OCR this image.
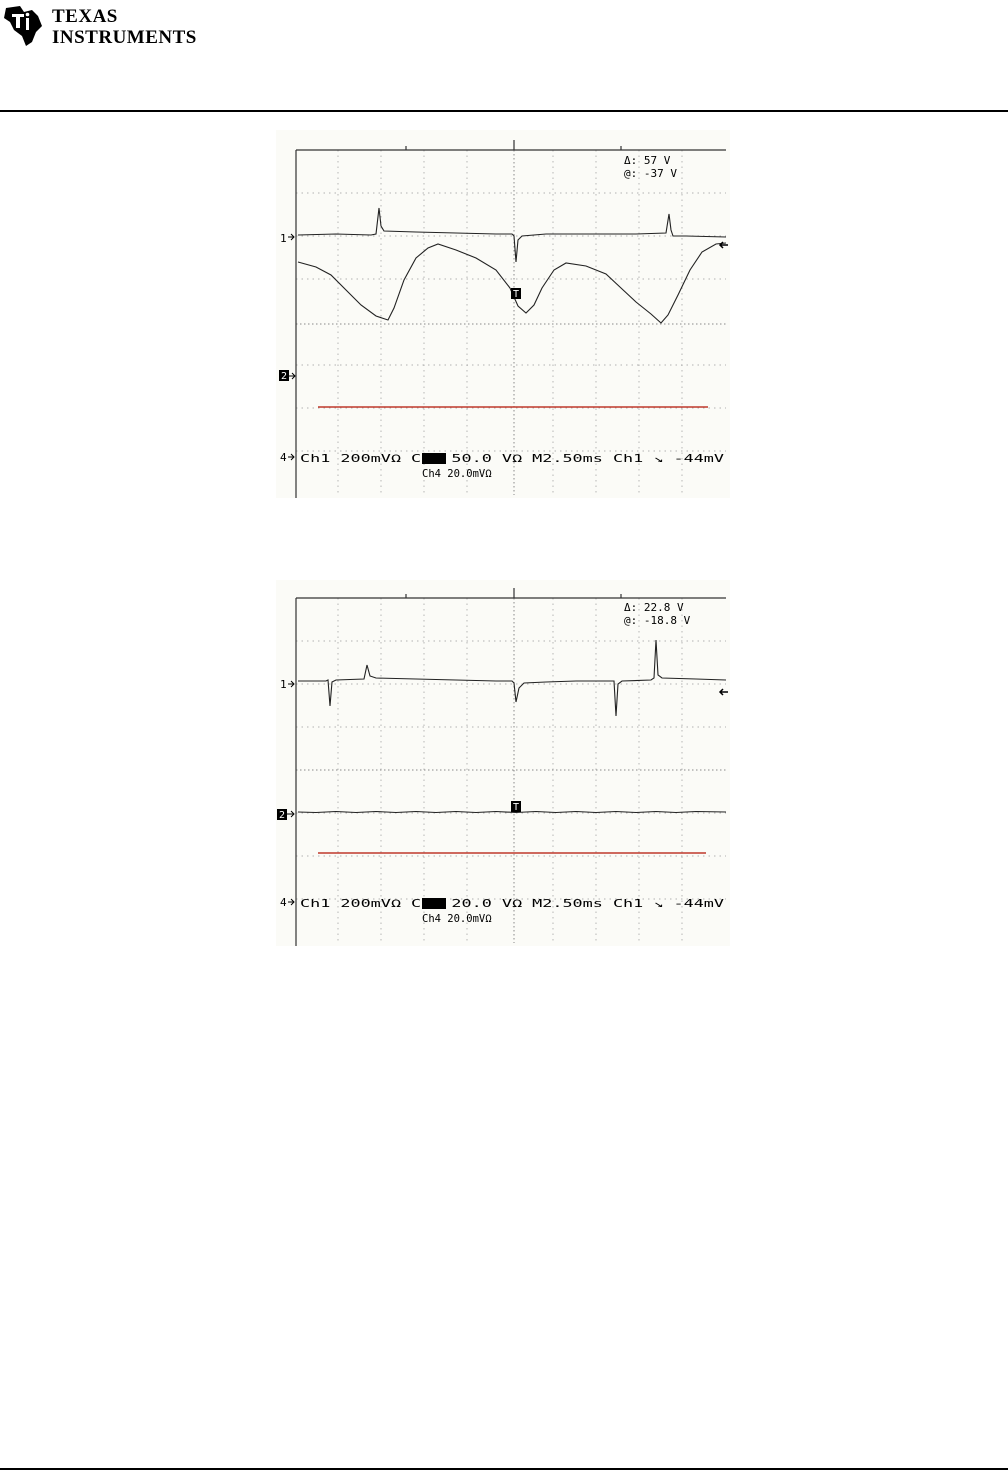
TEXAS
INSTRUMENTS
1
2
4
T
Δ: 57 V
@: -37 V
Ch1 200mVΩ Ch2 50.0 VΩ M2.50ms Ch1 ↘ -44mV
Ch4 20.0mVΩ
1
2
4
T
Δ: 22.8 V
@: -18.8 V
Ch1 200mVΩ Ch2 20.0 VΩ M2.50ms Ch1 ↘ -44mV
Ch4 20.0mVΩ
